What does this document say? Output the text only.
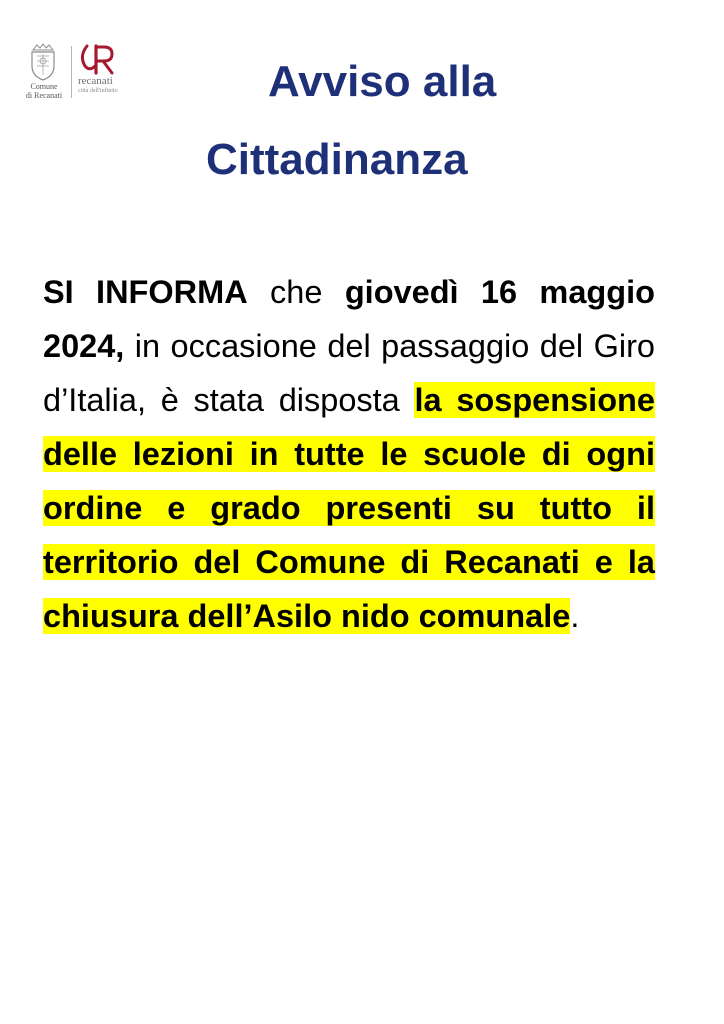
Comune
di Recanati
recanati
città dell'infinito	Avviso alla
Cittadinanza

SI INFORMA che giovedì 16 maggio 2024, in occasione del passaggio del Giro d’Italia, è stata disposta la sospensione delle lezioni in tutte le scuole di ogni ordine e grado presenti su tutto il territorio del Comune di Recanati e la chiusura dell’Asilo nido comunale.
